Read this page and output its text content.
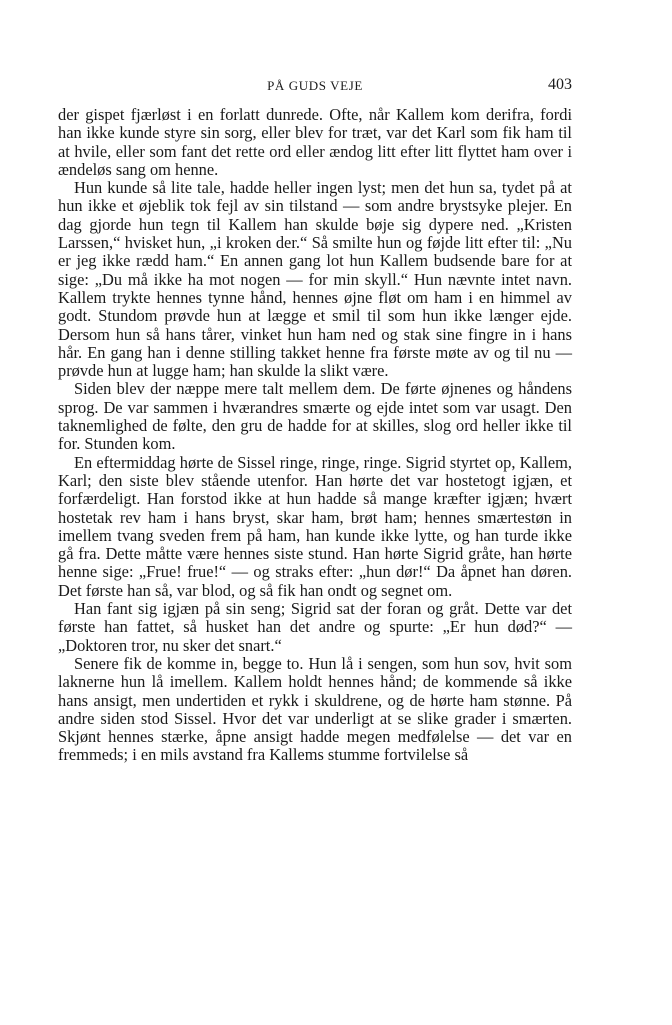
PÅ GUDS VEJE	403

der gispet fjærløst i en forlatt dunrede. Ofte, når Kallem kom derifra, fordi han ikke kunde styre sin sorg, eller blev for træt, var det Karl som fik ham til at hvile, eller som fant det rette ord eller ændog litt efter litt flyttet ham over i ændeløs sang om henne.

Hun kunde så lite tale, hadde heller ingen lyst; men det hun sa, tydet på at hun ikke et øjeblik tok fejl av sin tilstand — som andre brystsyke plejer. En dag gjorde hun tegn til Kallem han skulde bøje sig dypere ned. „Kristen Larssen,“ hvisket hun, „i kroken der.“ Så smilte hun og føjde litt efter til: „Nu er jeg ikke rædd ham.“ En annen gang lot hun Kallem budsende bare for at sige: „Du må ikke ha mot nogen — for min skyll.“ Hun nævnte intet navn. Kallem trykte hennes tynne hånd, hennes øjne fløt om ham i en himmel av godt. Stundom prøvde hun at lægge et smil til som hun ikke længer ejde. Dersom hun så hans tårer, vinket hun ham ned og stak sine fingre in i hans hår. En gang han i denne stilling takket henne fra første møte av og til nu — prøvde hun at lugge ham; han skulde la slikt være.

Siden blev der næppe mere talt mellem dem. De førte øjnenes og håndens sprog. De var sammen i hværandres smærte og ejde intet som var usagt. Den taknemlighed de følte, den gru de hadde for at skilles, slog ord heller ikke til for. Stunden kom.

En eftermiddag hørte de Sissel ringe, ringe, ringe. Sigrid styrtet op, Kallem, Karl; den siste blev stående utenfor. Han hørte det var hostetogt igjæn, et forfærdeligt. Han forstod ikke at hun hadde så mange kræfter igjæn; hvært hostetak rev ham i hans bryst, skar ham, brøt ham; hennes smærtestøn in imellem tvang sveden frem på ham, han kunde ikke lytte, og han turde ikke gå fra. Dette måtte være hennes siste stund. Han hørte Sigrid gråte, han hørte henne sige: „Frue! frue!“ — og straks efter: „hun dør!“ Da åpnet han døren. Det første han så, var blod, og så fik han ondt og segnet om.

Han fant sig igjæn på sin seng; Sigrid sat der foran og gråt. Dette var det første han fattet, så husket han det andre og spurte: „Er hun død?“ — „Doktoren tror, nu sker det snart.“

Senere fik de komme in, begge to. Hun lå i sengen, som hun sov, hvit som laknerne hun lå imellem. Kallem holdt hennes hånd; de kommende så ikke hans ansigt, men undertiden et rykk i skuldrene, og de hørte ham stønne. På andre siden stod Sissel. Hvor det var underligt at se slike grader i smærten. Skjønt hennes stærke, åpne ansigt hadde megen medfølelse — det var en fremmeds; i en mils avstand fra Kallems stumme fortvilelse så
